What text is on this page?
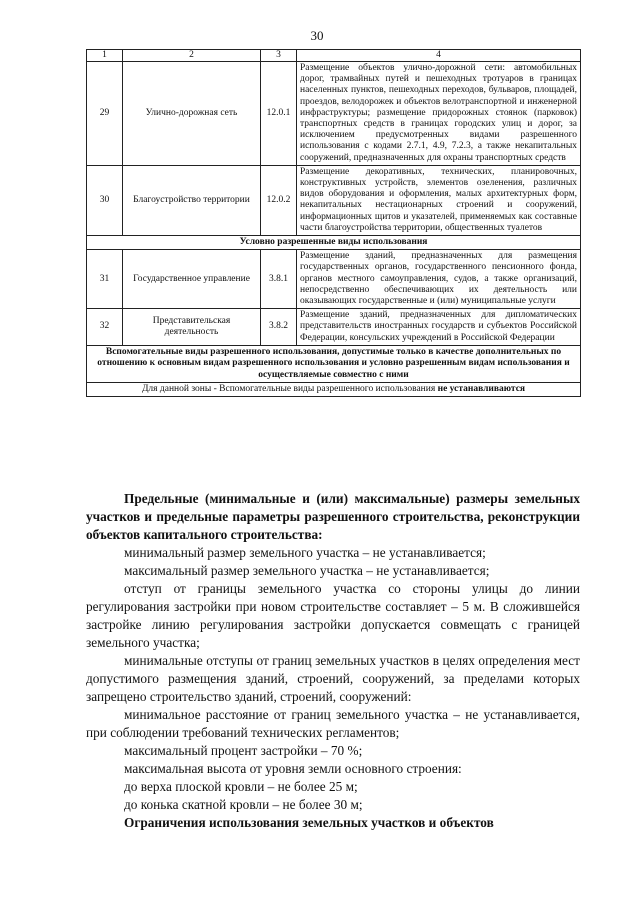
30
1	2	3	4
29	Улично-дорожная сеть	12.0.1	Размещение объектов улично-дорожной сети: автомобильных дорог, трамвайных путей и пешеходных тротуаров в границах населенных пунктов, пешеходных переходов, бульваров, площадей, проездов, велодорожек и объектов велотранспортной и инженерной инфраструктуры; размещение придорожных стоянок (парковок) транспортных средств в границах городских улиц и дорог, за исключением предусмотренных видами разрешенного использования с кодами 2.7.1, 4.9, 7.2.3, а также некапитальных сооружений, предназначенных для охраны транспортных средств
30	Благоустройство территории	12.0.2	Размещение декоративных, технических, планировочных, конструктивных устройств, элементов озеленения, различных видов оборудования и оформления, малых архитектурных форм, некапитальных нестационарных строений и сооружений, информационных щитов и указателей, применяемых как составные части благоустройства территории, общественных туалетов
Условно разрешенные виды использования			
31	Государственное управление	3.8.1	Размещение зданий, предназначенных для размещения государственных органов, государственного пенсионного фонда, органов местного самоуправления, судов, а также организаций, непосредственно обеспечивающих их деятельность или оказывающих государственные и (или) муниципальные услуги
32	Представительская деятельность	3.8.2	Размещение зданий, предназначенных для дипломатических представительств иностранных государств и субъектов Российской Федерации, консульских учреждений в Российской Федерации
Вспомогательные виды разрешенного использования, допустимые только в качестве дополнительных по отношению к основным видам разрешенного использования и условно разрешенным видам использования и осуществляемые совместно с ними			
Для данной зоны - Вспомогательные виды разрешенного использования не устанавливаются			

Предельные (минимальные и (или) максимальные) размеры земельных участков и предельные параметры разрешенного строительства, реконструкции объектов капитального строительства:

минимальный размер земельного участка – не устанавливается;

максимальный размер земельного участка – не устанавливается;

отступ от границы земельного участка со стороны улицы до линии регулирования застройки при новом строительстве составляет – 5 м. В сложившейся застройке линию регулирования застройки допускается совмещать с границей земельного участка;

минимальные отступы от границ земельных участков в целях определения мест допустимого размещения зданий, строений, сооружений, за пределами которых запрещено строительство зданий, строений, сооружений:

минимальное расстояние от границ земельного участка – не устанавливается, при соблюдении требований технических регламентов;

максимальный процент застройки – 70 %;

максимальная высота от уровня земли основного строения:

до верха плоской кровли – не более 25 м;

до конька скатной кровли – не более 30 м;

Ограничения использования земельных участков и объектов
